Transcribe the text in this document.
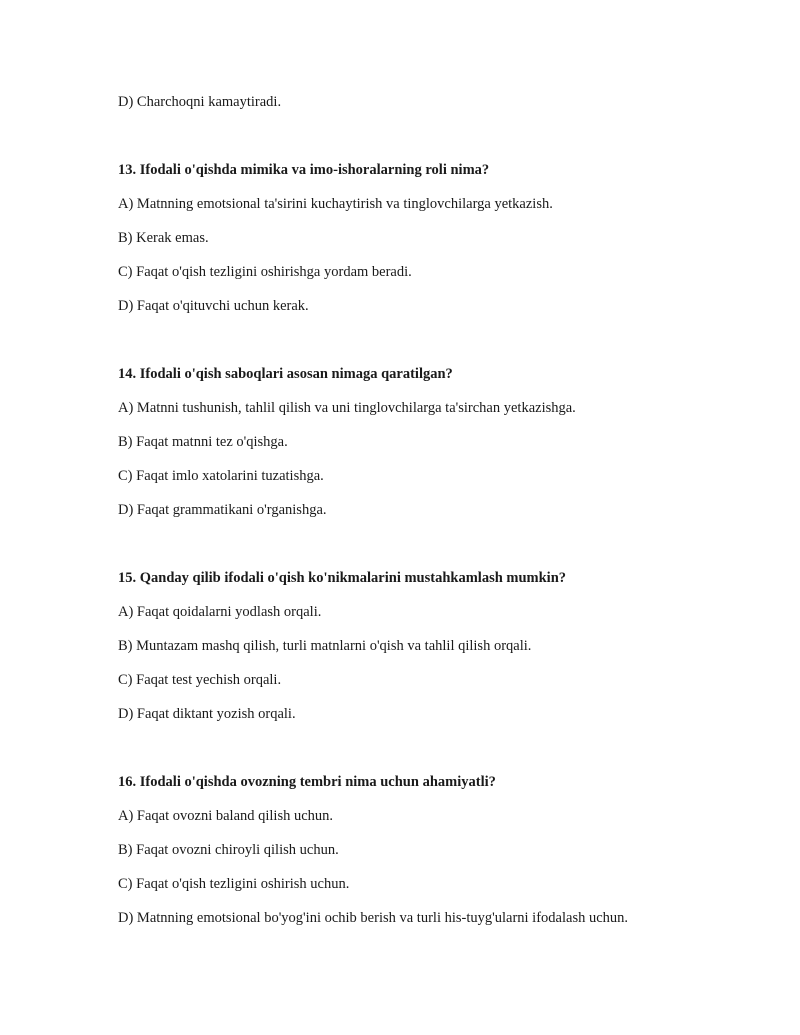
D) Charchoqni kamaytiradi.

13. Ifodali o'qishda mimika va imo-ishoralarning roli nima?

A) Matnning emotsional ta'sirini kuchaytirish va tinglovchilarga yetkazish.

B) Kerak emas.

C) Faqat o'qish tezligini oshirishga yordam beradi.

D) Faqat o'qituvchi uchun kerak.

14. Ifodali o'qish saboqlari asosan nimaga qaratilgan?

A) Matnni tushunish, tahlil qilish va uni tinglovchilarga ta'sirchan yetkazishga.

B) Faqat matnni tez o'qishga.

C) Faqat imlo xatolarini tuzatishga.

D) Faqat grammatikani o'rganishga.

15. Qanday qilib ifodali o'qish ko'nikmalarini mustahkamlash mumkin?

A) Faqat qoidalarni yodlash orqali.

B) Muntazam mashq qilish, turli matnlarni o'qish va tahlil qilish orqali.

C) Faqat test yechish orqali.

D) Faqat diktant yozish orqali.

16. Ifodali o'qishda ovozning tembri nima uchun ahamiyatli?

A) Faqat ovozni baland qilish uchun.

B) Faqat ovozni chiroyli qilish uchun.

C) Faqat o'qish tezligini oshirish uchun.

D) Matnning emotsional bo'yog'ini ochib berish va turli his-tuyg'ularni ifodalash uchun.
